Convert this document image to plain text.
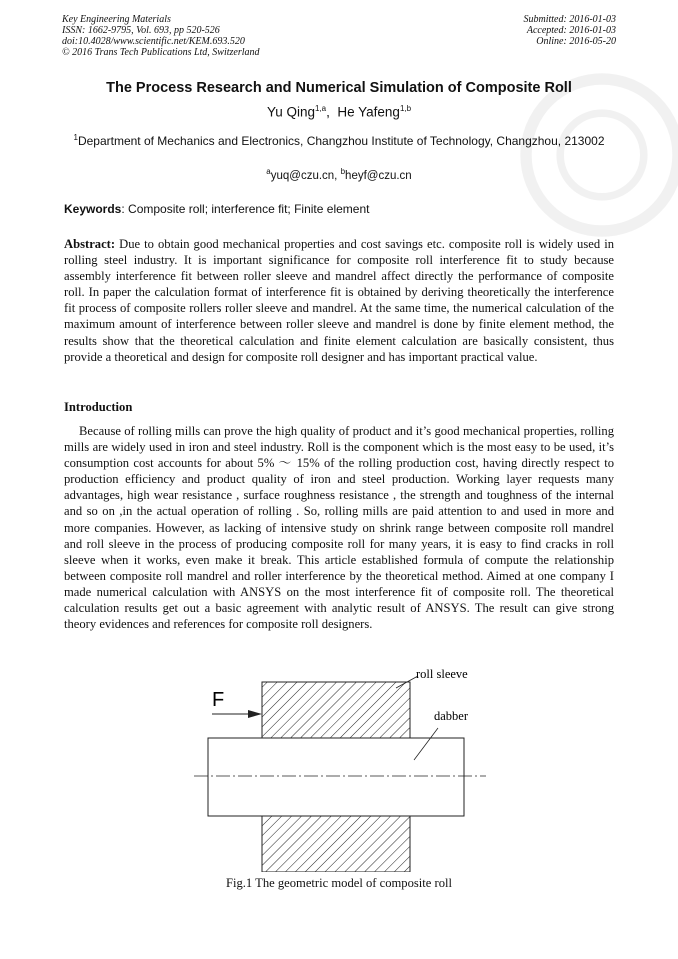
Key Engineering Materials
ISSN: 1662-9795, Vol. 693, pp 520-526
doi:10.4028/www.scientific.net/KEM.693.520
© 2016 Trans Tech Publications Ltd, Switzerland
Submitted: 2016-01-03
Accepted: 2016-01-03
Online: 2016-05-20
The Process Research and Numerical Simulation of Composite Roll
Yu Qing$^{1,a}$,  He Yafeng$^{1,b}$
$^1$Department of Mechanics and Electronics, Changzhou Institute of Technology, Changzhou, 213002
$^a$yuq@czu.cn, $^b$heyf@czu.cn
Keywords: Composite roll; interference fit; Finite element
Abstract: Due to obtain good mechanical properties and cost savings etc. composite roll is widely used in rolling steel industry. It is important significance for composite roll interference fit to study because assembly interference fit between roller sleeve and mandrel affect directly the performance of composite roll. In paper the calculation format of interference fit is obtained by deriving theoretically the interference fit process of composite rollers roller sleeve and mandrel. At the same time, the numerical calculation of the maximum amount of interference between roller sleeve and mandrel is done by finite element method, the results show that the theoretical calculation and finite element calculation are basically consistent, thus provide a theoretical and design for composite roll designer and has important practical value.
Introduction
Because of rolling mills can prove the high quality of product and it’s good mechanical properties, rolling mills are widely used in iron and steel industry. Roll is the component which is the most easy to be used, it’s consumption cost accounts for about 5% ～ 15% of the rolling production cost, having directly respect to production efficiency and product quality of iron and steel production. Working layer requests many advantages, high wear resistance , surface roughness resistance , the strength and toughness of the internal and so on ,in the actual operation of rolling . So, rolling mills are paid attention to and used in more and more companies. However, as lacking of intensive study on shrink range between composite roll mandrel and roll sleeve in the process of producing composite roll for many years, it is easy to find cracks in roll sleeve when it works, even make it break. This article established formula of compute the relationship between composite roll mandrel and roller interference by the theoretical method. Aimed at one company I made numerical calculation with ANSYS on the most interference fit of composite roll. The theoretical calculation results get out a basic agreement with analytic result of ANSYS. The result can give strong theory evidences and references for composite roll designers.
F
roll sleeve
dabber
Fig.1 The geometric model of composite roll
